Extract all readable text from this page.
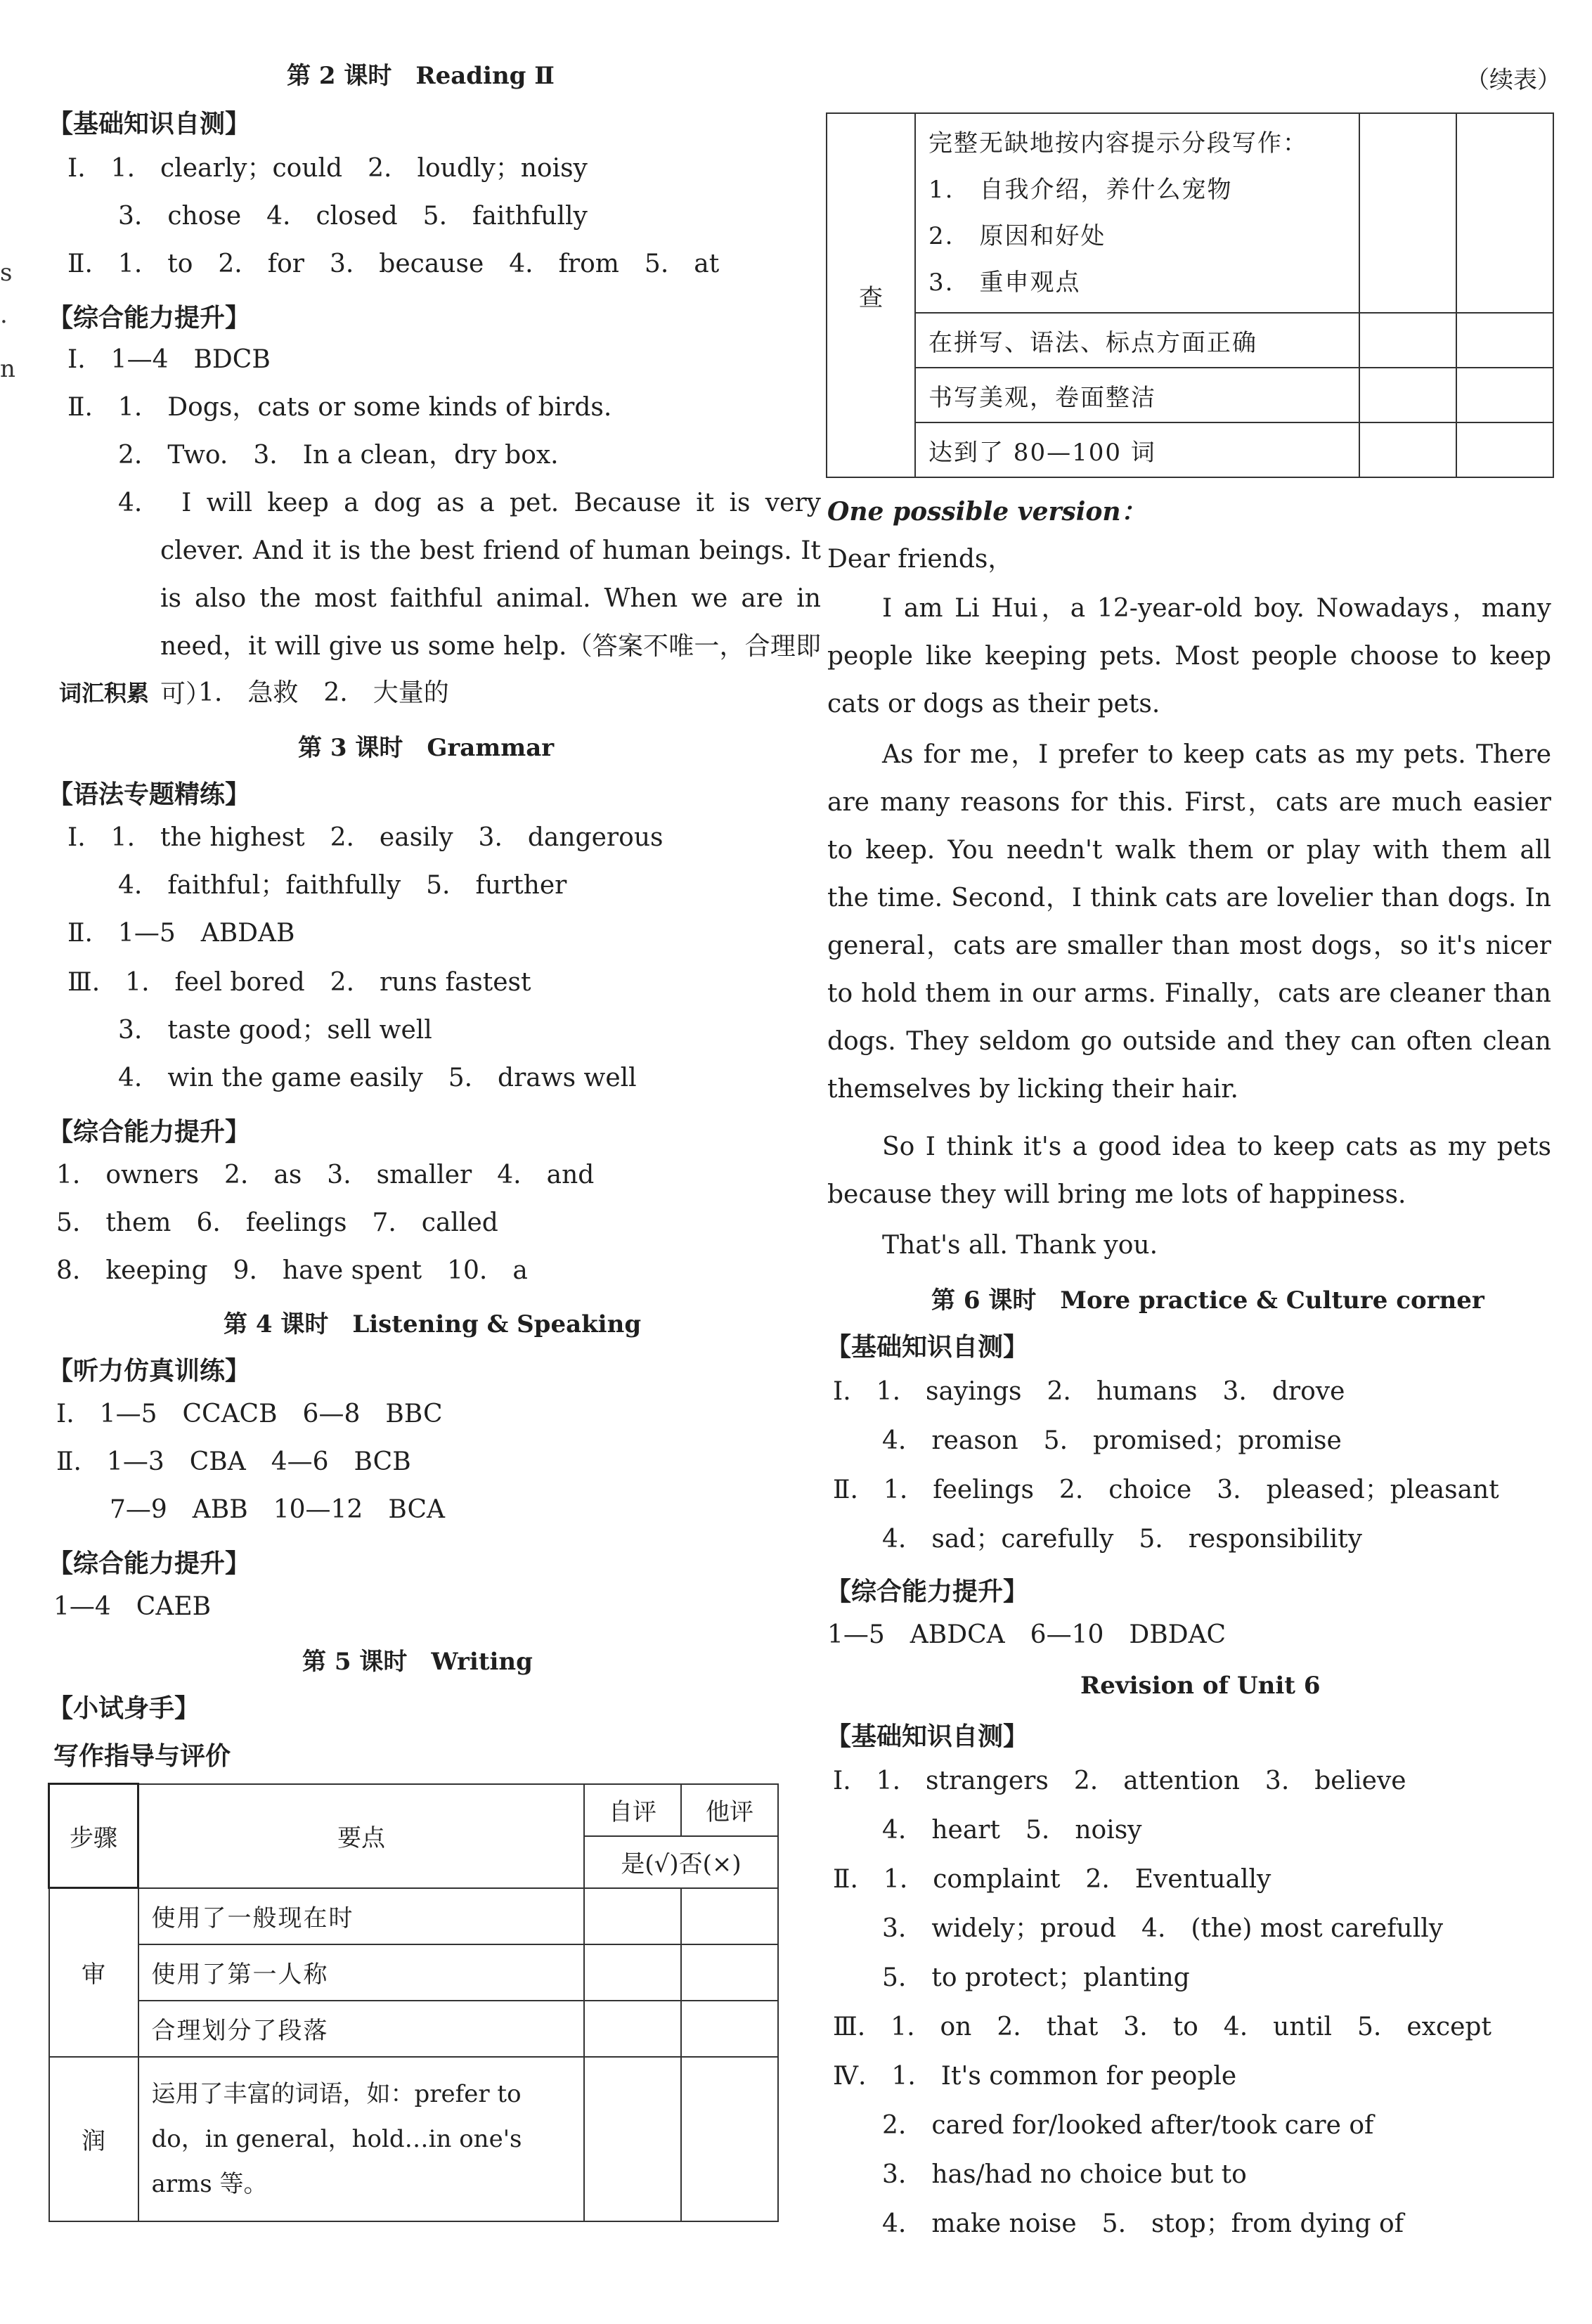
s
.
n
（续表）
第 2 课时　Reading Ⅱ
【基础知识自测】
Ⅰ.　1.　clearly；could　2.　loudly；noisy
3.　chose　4.　closed　5.　faithfully
Ⅱ.　1.　to　2.　for　3.　because　4.　from　5.　at
【综合能力提升】
Ⅰ.　1—4　BDCB
Ⅱ.　1.　Dogs，cats or some kinds of birds.
2.　Two.　3.　In a clean，dry box.
4.　I will keep a dog as a pet. Because it is very clever. And it is the best friend of human beings. It is also the most faithful animal. When we are in need，it will give us some help.（答案不唯一，合理即可）
词汇积累 1.　急救　2.　大量的
第 3 课时　Grammar
【语法专题精练】
Ⅰ.　1.　the highest　2.　easily　3.　dangerous
4.　faithful；faithfully　5.　further
Ⅱ.　1—5　ABDAB
Ⅲ.　1.　feel bored　2.　runs fastest
3.　taste good；sell well
4.　win the game easily　5.　draws well
【综合能力提升】
1.　owners　2.　as　3.　smaller　4.　and
5.　them　6.　feelings　7.　called
8.　keeping　9.　have spent　10.　a
第 4 课时　Listening & Speaking
【听力仿真训练】
Ⅰ.　1—5　CCACB　6—8　BBC
Ⅱ.　1—3　CBA　4—6　BCB
7—9　ABB　10—12　BCA
【综合能力提升】
1—4　CAEB
第 5 课时　Writing
【小试身手】
写作指导与评价
步骤	要点	自评	他评
		是(√)否(×)	
审	使用了一般现在时		
	使用了第一人称		
	合理划分了段落		
润	运用了丰富的词语，如：prefer to do，in general，hold…in one's arms 等。		
查	完整无缺地按内容提示分段写作：
1.　自我介绍，养什么宠物
2.　原因和好处
3.　重申观点		

	在拼写、语法、标点方面正确		
	书写美观，卷面整洁		
	达到了 80—100 词		
One possible version：
Dear friends，
I am Li Hui，a 12-year-old boy. Nowadays，many people like keeping pets. Most people choose to keep cats or dogs as their pets.
As for me，I prefer to keep cats as my pets. There are many reasons for this. First，cats are much easier to keep. You needn't walk them or play with them all the time. Second，I think cats are lovelier than dogs. In general，cats are smaller than most dogs，so it's nicer to hold them in our arms. Finally，cats are cleaner than dogs. They seldom go outside and they can often clean themselves by licking their hair.
So I think it's a good idea to keep cats as my pets because they will bring me lots of happiness.
That's all. Thank you.
第 6 课时　More practice & Culture corner
【基础知识自测】
Ⅰ.　1.　sayings　2.　humans　3.　drove
4.　reason　5.　promised；promise
Ⅱ.　1.　feelings　2.　choice　3.　pleased；pleasant
4.　sad；carefully　5.　responsibility
【综合能力提升】
1—5　ABDCA　6—10　DBDAC
Revision of Unit 6
【基础知识自测】
Ⅰ.　1.　strangers　2.　attention　3.　believe
4.　heart　5.　noisy
Ⅱ.　1.　complaint　2.　Eventually
3.　widely；proud　4.　(the) most carefully
5.　to protect；planting
Ⅲ.　1.　on　2.　that　3.　to　4.　until　5.　except
Ⅳ.　1.　It's common for people
2.　cared for/looked after/took care of
3.　has/had no choice but to
4.　make noise　5.　stop；from dying of
